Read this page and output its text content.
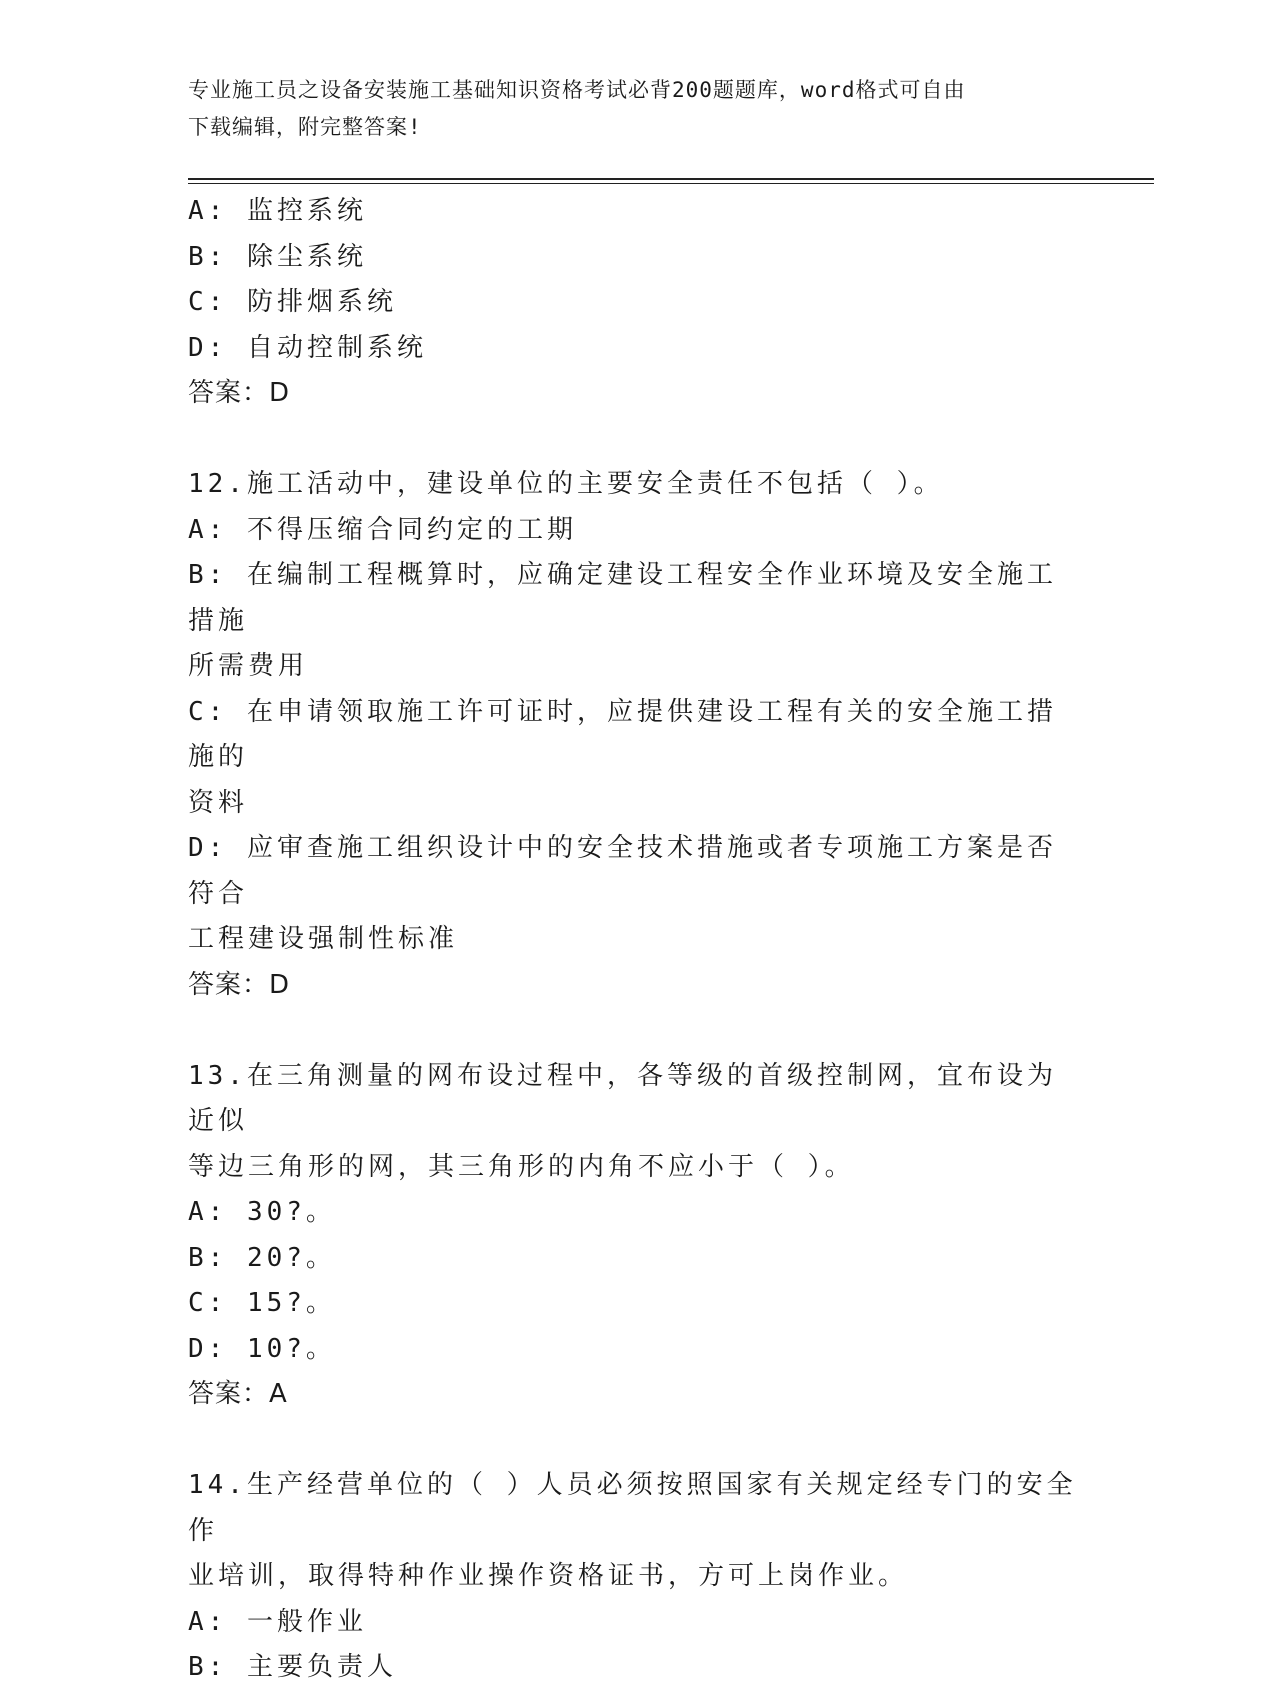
专业施工员之设备安装施工基础知识资格考试必背200题题库，word格式可自由
下载编辑，附完整答案!
A: 监控系统
B: 除尘系统
C: 防排烟系统
D: 自动控制系统
答案：D
12.施工活动中，建设单位的主要安全责任不包括（ ）。
A: 不得压缩合同约定的工期
B: 在编制工程概算时，应确定建设工程安全作业环境及安全施工措施
所需费用
C: 在申请领取施工许可证时，应提供建设工程有关的安全施工措施的
资料
D: 应审查施工组织设计中的安全技术措施或者专项施工方案是否符合
工程建设强制性标准
答案：D
13.在三角测量的网布设过程中，各等级的首级控制网，宜布设为近似
等边三角形的网，其三角形的内角不应小于（ ）。
A: 30?。
B: 20?。
C: 15?。
D: 10?。
答案：A
14.生产经营单位的（ ）人员必须按照国家有关规定经专门的安全作
业培训，取得特种作业操作资格证书，方可上岗作业。
A: 一般作业
B: 主要负责人
